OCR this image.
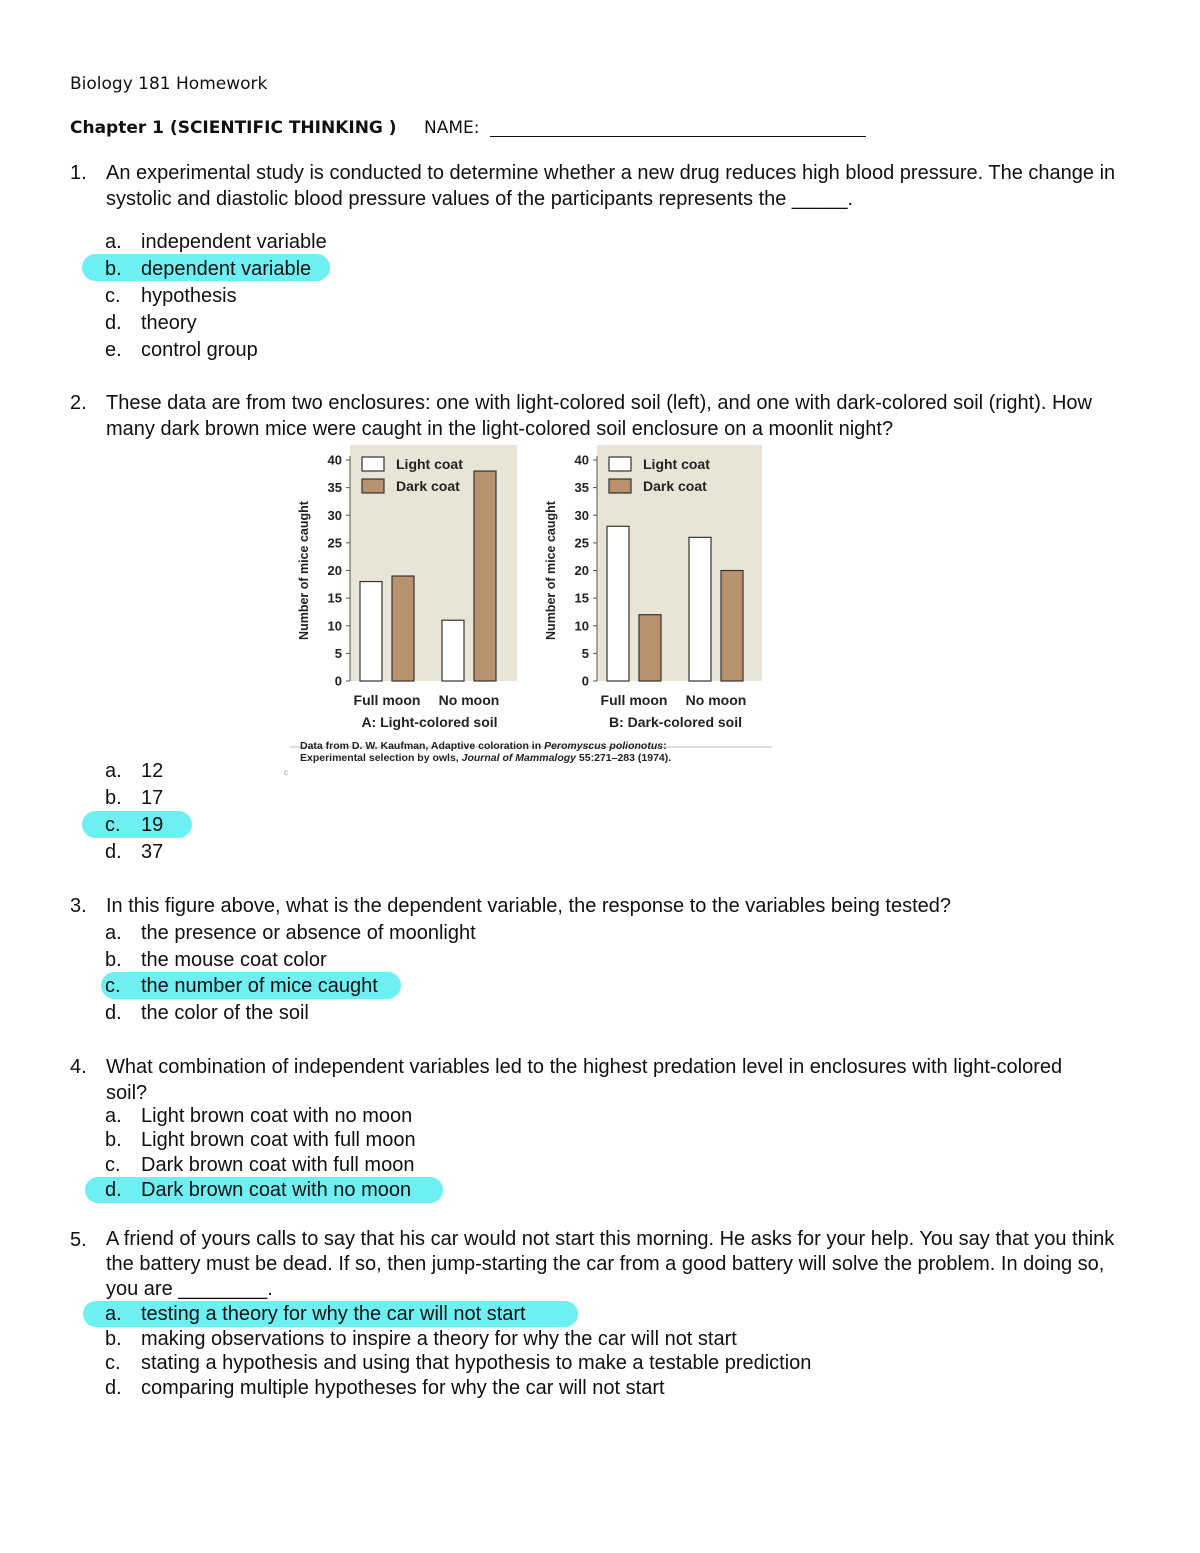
Biology 181 Homework
Chapter 1 (SCIENTIFIC THINKING ) NAME:
1. An experimental study is conducted to determine whether a new drug reduces high blood pressure. The change in systolic and diastolic blood pressure values of the participants represents the _____.
a. independent variable
b. dependent variable
c. hypothesis
d. theory
e. control group
2. These data are from two enclosures: one with light-colored soil (left), and one with dark-colored soil (right). How many dark brown mice were caught in the light-colored soil enclosure on a moonlit night?
0
5
10
15
20
25
30
35
40
Number of mice caught
Full moon No moon
A: Light-colored soil
Light coat
Dark coat
0
5
10
15
20
25
30
35
40
Number of mice caught
Full moon No moon
B: Dark-colored soil
Light coat
Dark coat
Data from D. W. Kaufman, Adaptive coloration in Peromyscus polionotus:
Experimental selection by owls, Journal of Mammalogy 55:271–283 (1974).
c
a. 12
b. 17
c. 19
d. 37
3. In this figure above, what is the dependent variable, the response to the variables being tested?
a. the presence or absence of moonlight
b. the mouse coat color
c. the number of mice caught
d. the color of the soil
4. What combination of independent variables led to the highest predation level in enclosures with light-colored soil?
a. Light brown coat with no moon
b. Light brown coat with full moon
c. Dark brown coat with full moon
d. Dark brown coat with no moon
5. A friend of yours calls to say that his car would not start this morning. He asks for your help. You say that you think the battery must be dead. If so, then jump-starting the car from a good battery will solve the problem. In doing so, you are ________.
a. testing a theory for why the car will not start
b. making observations to inspire a theory for why the car will not start
c. stating a hypothesis and using that hypothesis to make a testable prediction
d. comparing multiple hypotheses for why the car will not start
